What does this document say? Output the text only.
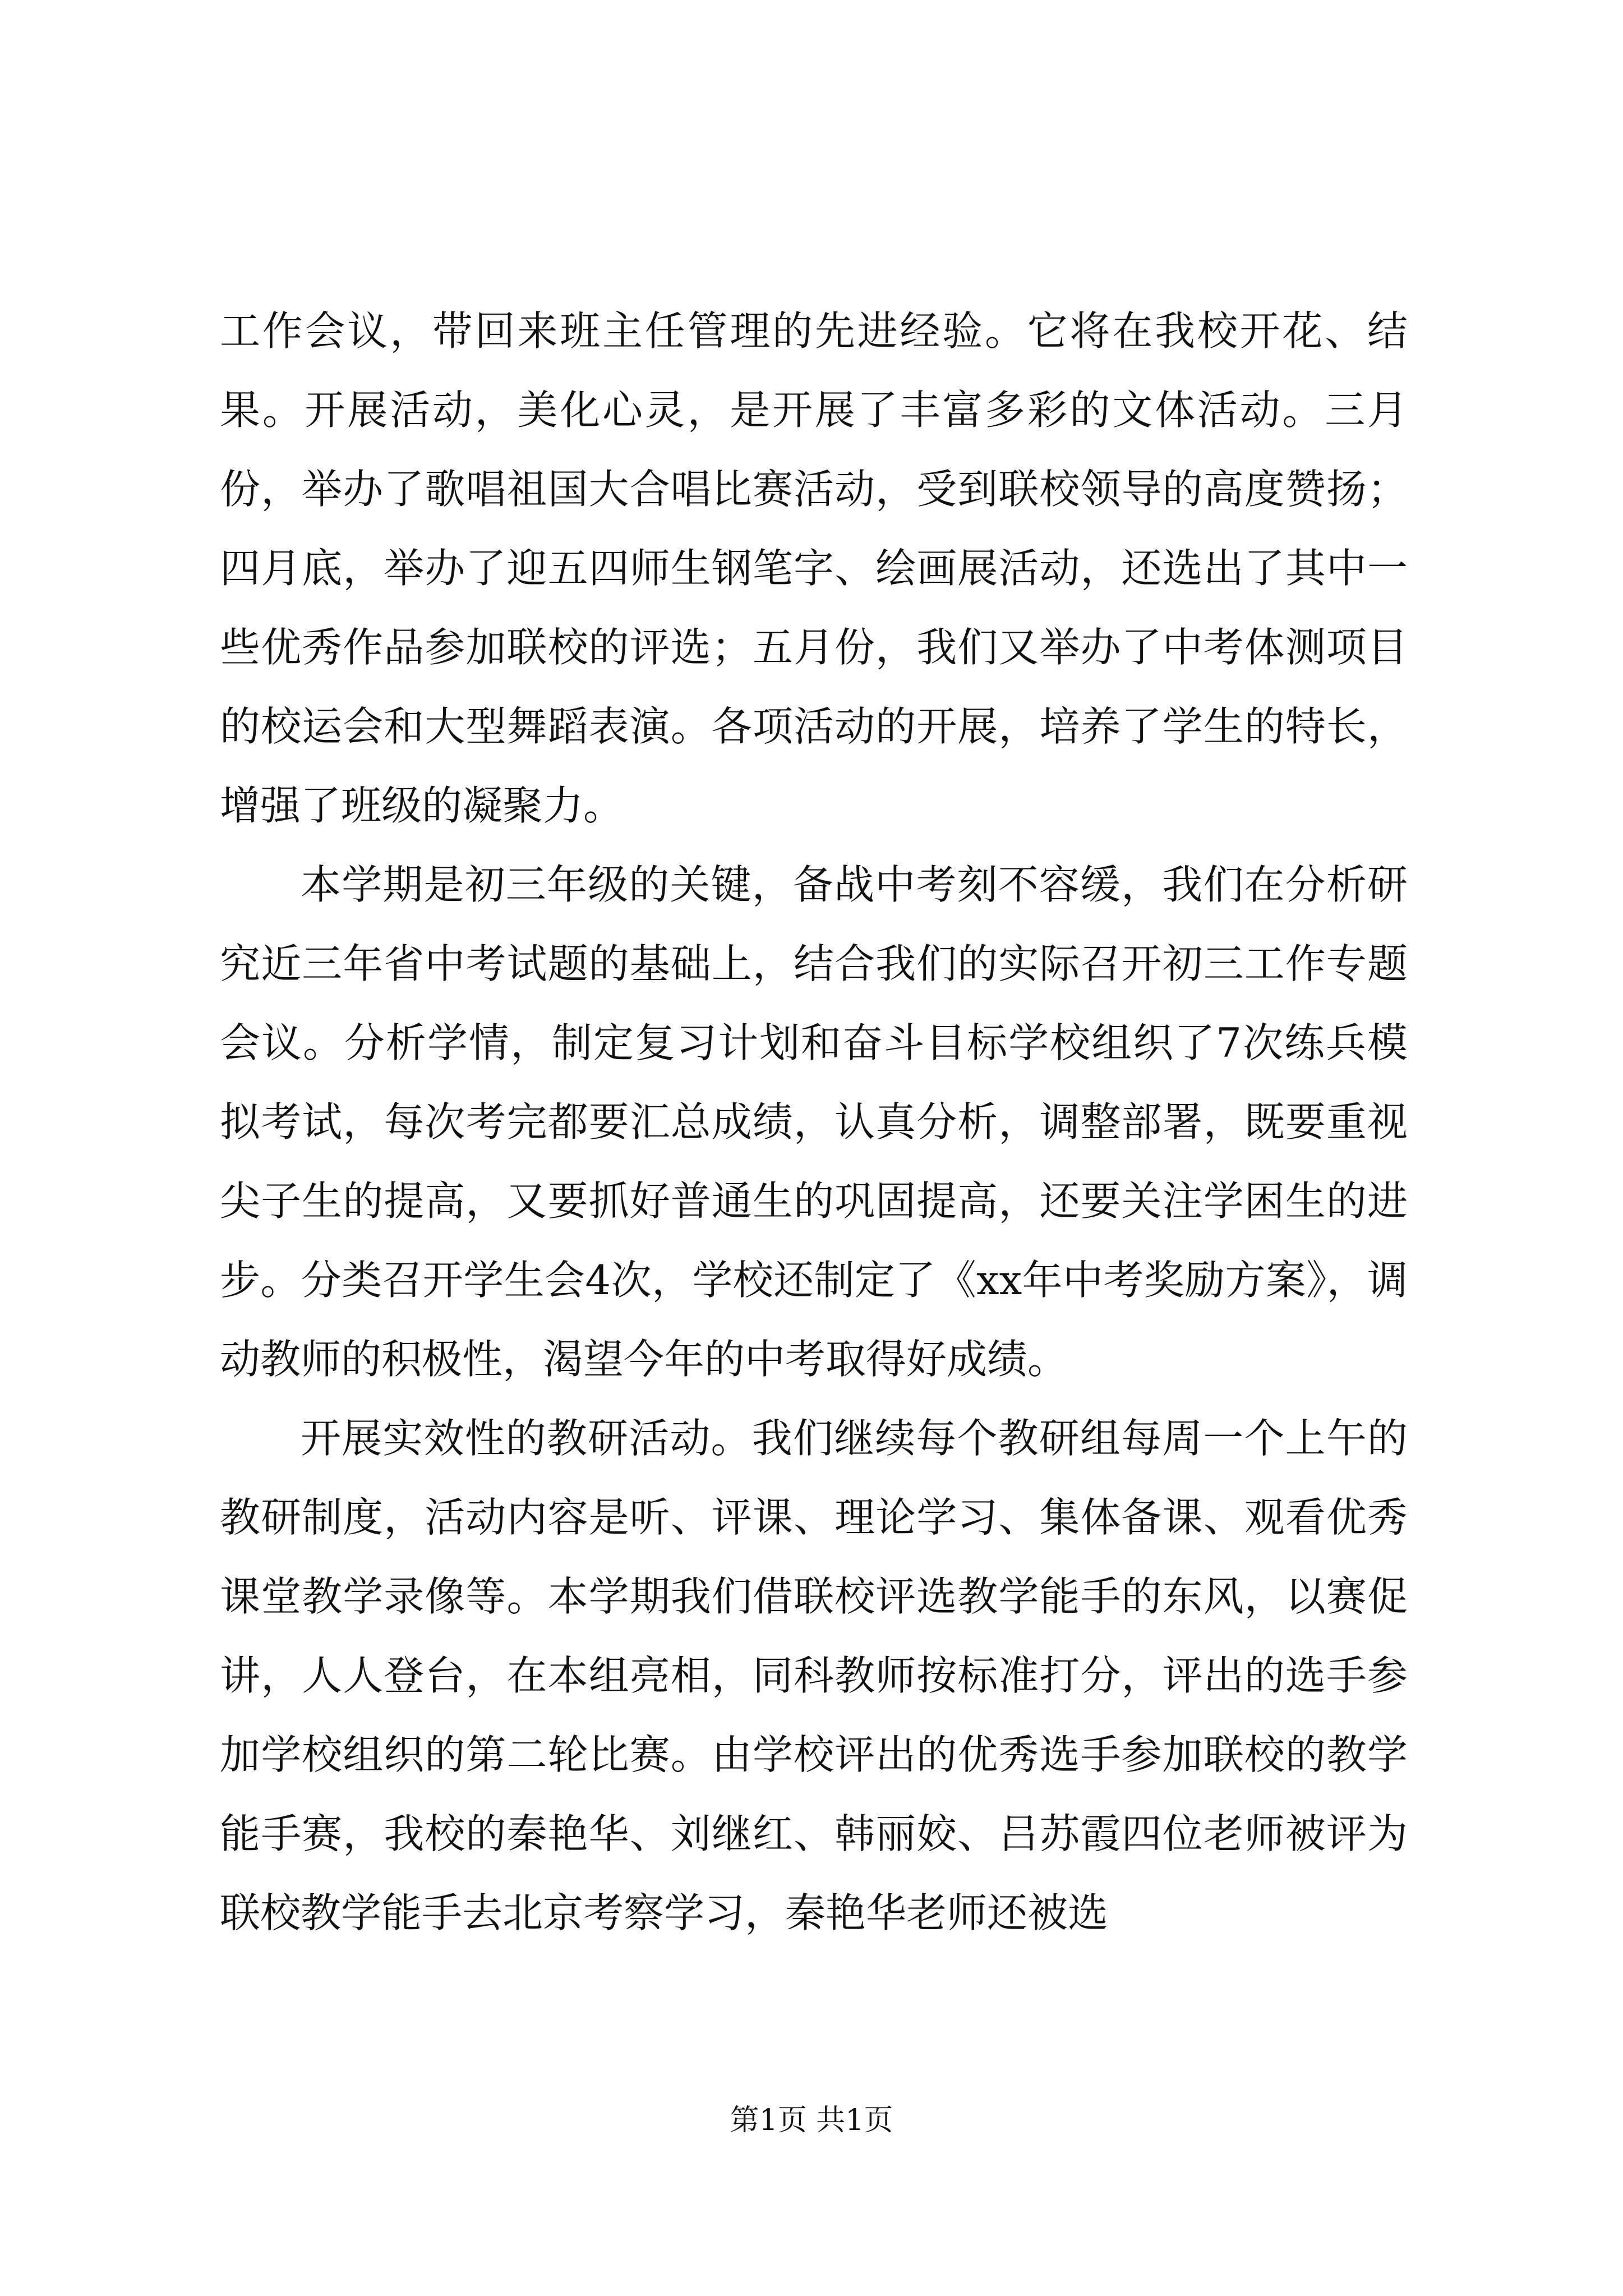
工作会议，带回来班主任管理的先进经验。它将在我校开花、结果。开展活动，美化心灵，是开展了丰富多彩的文体活动。三月份，举办了歌唱祖国大合唱比赛活动，受到联校领导的高度赞扬；四月底，举办了迎五四师生钢笔字、绘画展活动，还选出了其中一些优秀作品参加联校的评选；五月份，我们又举办了中考体测项目的校运会和大型舞蹈表演。各项活动的开展，培养了学生的特长，增强了班级的凝聚力。

本学期是初三年级的关键，备战中考刻不容缓，我们在分析研究近三年省中考试题的基础上，结合我们的实际召开初三工作专题会议。分析学情，制定复习计划和奋斗目标学校组织了7次练兵模拟考试，每次考完都要汇总成绩，认真分析，调整部署，既要重视尖子生的提高，又要抓好普通生的巩固提高，还要关注学困生的进步。分类召开学生会4次，学校还制定了《xx年中考奖励方案》，调动教师的积极性，渴望今年的中考取得好成绩。

开展实效性的教研活动。我们继续每个教研组每周一个上午的教研制度，活动内容是听、评课、理论学习、集体备课、观看优秀课堂教学录像等。本学期我们借联校评选教学能手的东风，以赛促讲，人人登台，在本组亮相，同科教师按标准打分，评出的选手参加学校组织的第二轮比赛。由学校评出的优秀选手参加联校的教学能手赛，我校的秦艳华、刘继红、韩丽姣、吕苏霞四位老师被评为联校教学能手去北京考察学习，秦艳华老师还被选

第1页 共1页
